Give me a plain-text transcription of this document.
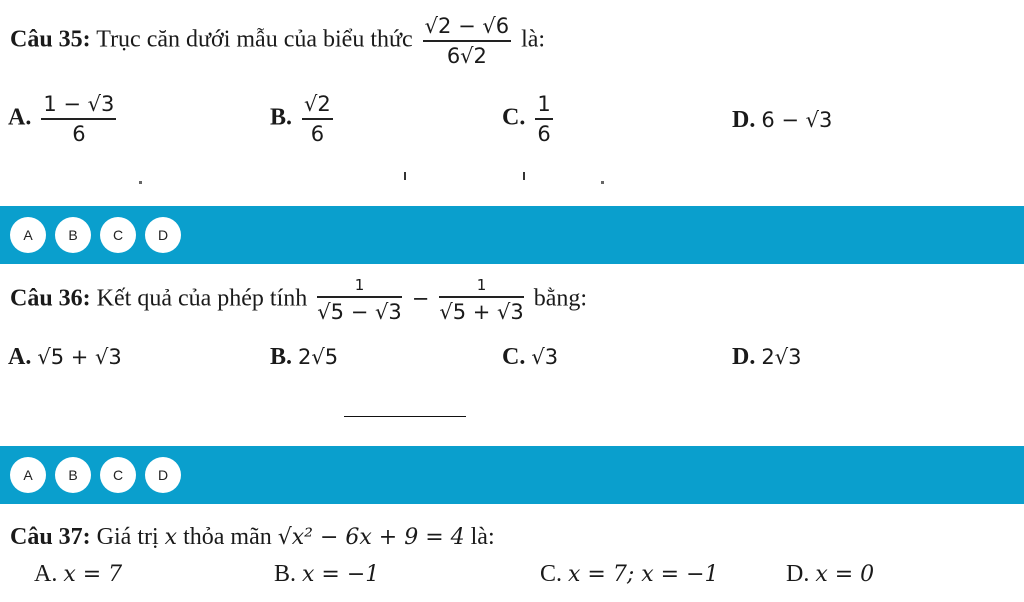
Câu 35: Trục căn dưới mẫu của biểu thức $\frac{√2 - √6}{6√2}$ là:
A. $\frac{1 - √3}{6}$	B. $\frac{√2}{6}$	C. $\frac{1}{6}$	D. 6 − √3
A	B	C	D
Câu 36: Kết quả của phép tính $\frac{1}{√5 - √3} - \frac{1}{√5 + √3}$ bằng:
A. √5 + √3	B. 2√5	C. √3	D. 2√3
A	B	C	D
Câu 37: Giá trị x thỏa mãn √x² − 6x + 9 = 4 là:
A. x = 7	B. x = −1	C. x = 7; x = −1	D. x = 0
